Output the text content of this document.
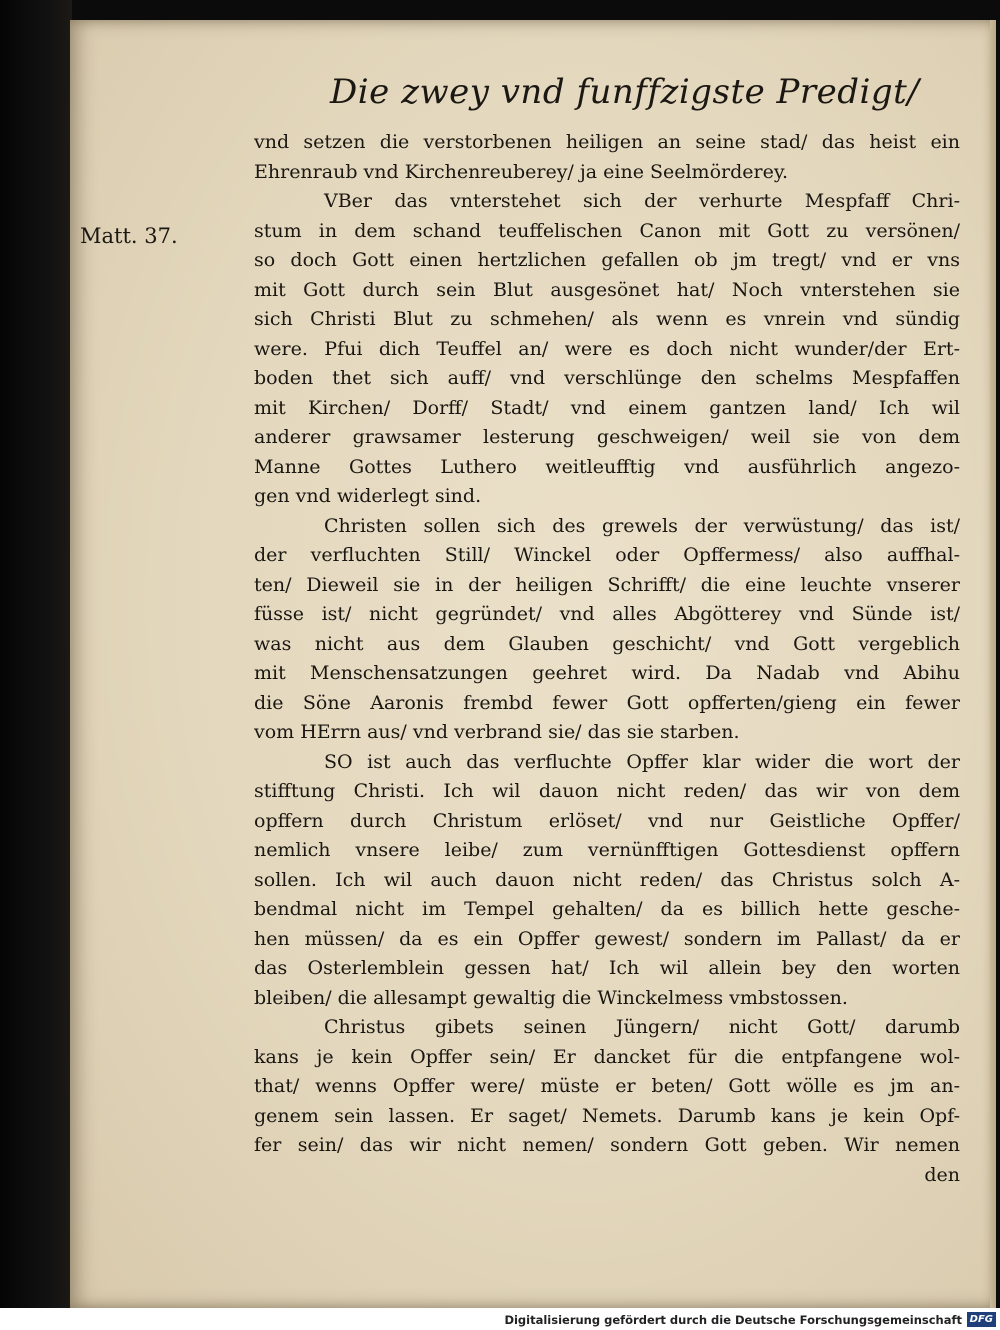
Die zwey vnd funffzigste Predigt/
Matt. 37.
vnd setzen die verstorbenen heiligen an seine stad/ das heist ein
Ehrenraub vnd Kirchenreuberey/ ja eine Seelmörderey.
VBer das vnterstehet sich der verhurte Mespfaff Chri-
stum in dem schand teuffelischen Canon mit Gott zu versönen/
so doch Gott einen hertzlichen gefallen ob jm tregt/ vnd er vns
mit Gott durch sein Blut ausgesönet hat/ Noch vnterstehen sie
sich Christi Blut zu schmehen/ als wenn es vnrein vnd sündig
were. Pfui dich Teuffel an/ were es doch nicht wunder/der Ert-
boden thet sich auff/ vnd verschlünge den schelms Mespfaffen
mit Kirchen/ Dorff/ Stadt/ vnd einem gantzen land/ Ich wil
anderer grawsamer lesterung geschweigen/ weil sie von dem
Manne Gottes Luthero weitleufftig vnd ausführlich angezo-
gen vnd widerlegt sind.
Christen sollen sich des grewels der verwüstung/ das ist/
der verfluchten Still/ Winckel oder Opffermess/ also auffhal-
ten/ Dieweil sie in der heiligen Schrifft/ die eine leuchte vnserer
füsse ist/ nicht gegründet/ vnd alles Abgötterey vnd Sünde ist/
was nicht aus dem Glauben geschicht/ vnd Gott vergeblich
mit Menschensatzungen geehret wird. Da Nadab vnd Abihu
die Söne Aaronis frembd fewer Gott opfferten/gieng ein fewer
vom HErrn aus/ vnd verbrand sie/ das sie starben.
SO ist auch das verfluchte Opffer klar wider die wort der
stifftung Christi. Ich wil dauon nicht reden/ das wir von dem
opffern durch Christum erlöset/ vnd nur Geistliche Opffer/
nemlich vnsere leibe/ zum vernünfftigen Gottesdienst opffern
sollen. Ich wil auch dauon nicht reden/ das Christus solch A-
bendmal nicht im Tempel gehalten/ da es billich hette gesche-
hen müssen/ da es ein Opffer gewest/ sondern im Pallast/ da er
das Osterlemblein gessen hat/ Ich wil allein bey den worten
bleiben/ die allesampt gewaltig die Winckelmess vmbstossen.
Christus gibets seinen Jüngern/ nicht Gott/ darumb
kans je kein Opffer sein/ Er dancket für die entpfangene wol-
that/ wenns Opffer were/ müste er beten/ Gott wölle es jm an-
genem sein lassen. Er saget/ Nemets. Darumb kans je kein Opf-
fer sein/ das wir nicht nemen/ sondern Gott geben. Wir nemen
den
Digitalisierung gefördert durch die Deutsche Forschungsgemeinschaft DFG
